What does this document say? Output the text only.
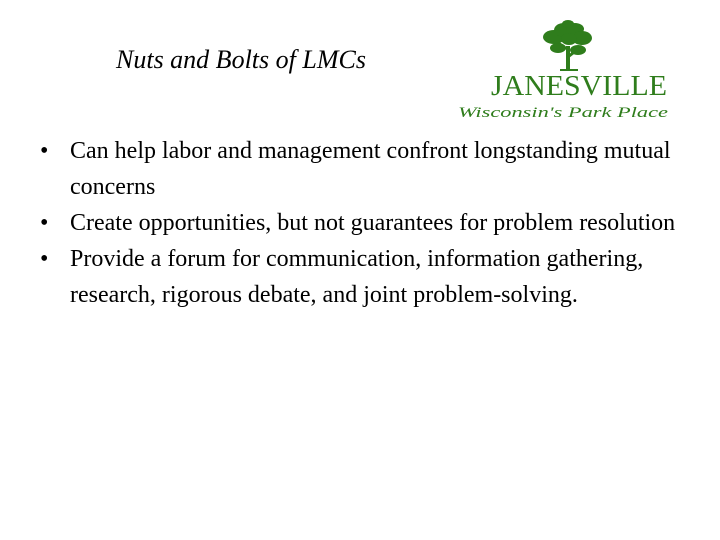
Nuts and Bolts of LMCs
JANESVILLE
Wisconsin's Park Place
• Can help labor and management confront longstanding mutual concerns
• Create opportunities, but not guarantees for problem resolution
• Provide a forum for communication, information gathering, research, rigorous debate, and joint problem-solving.
